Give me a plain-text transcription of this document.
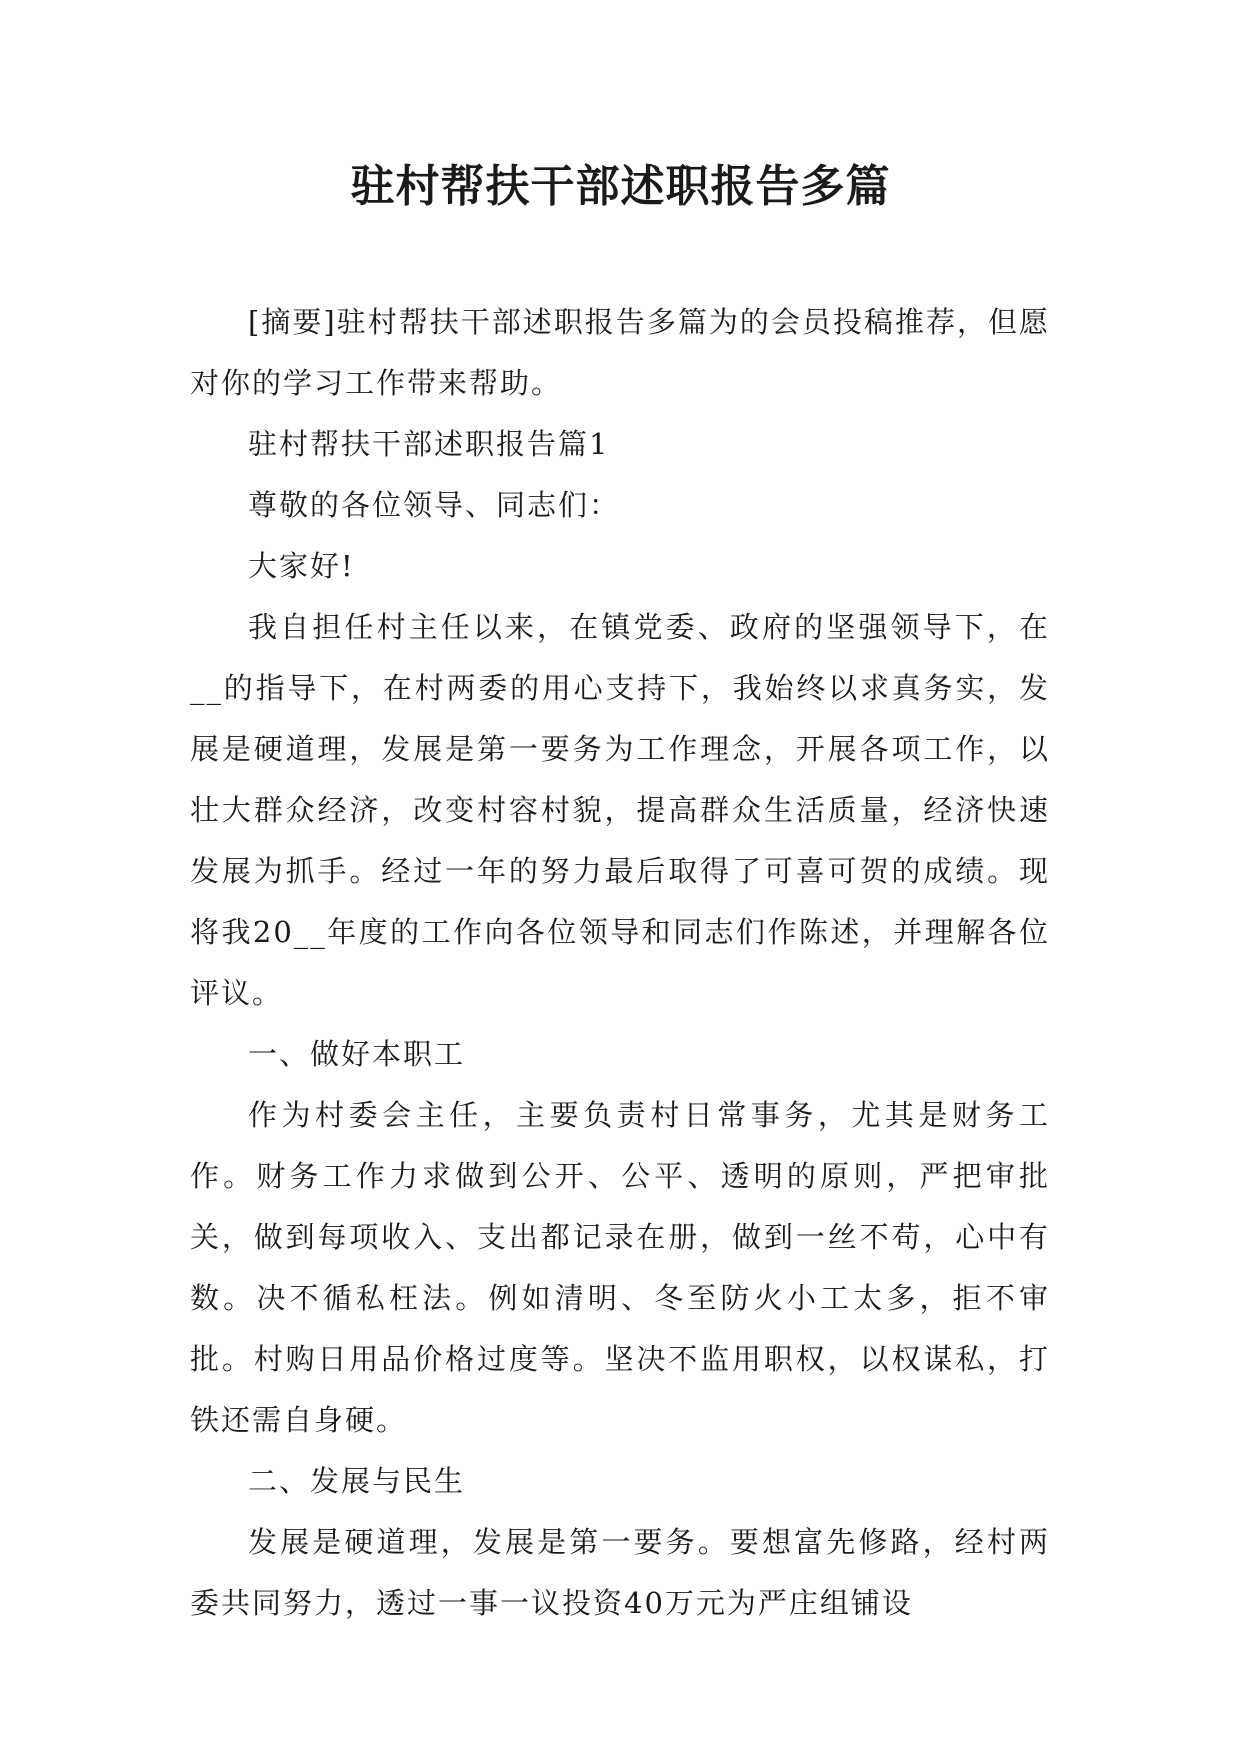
驻村帮扶干部述职报告多篇

[摘要]驻村帮扶干部述职报告多篇为的会员投稿推荐，但愿对你的学习工作带来帮助。

驻村帮扶干部述职报告篇1

尊敬的各位领导、同志们：

大家好!

我自担任村主任以来，在镇党委、政府的坚强领导下，在__的指导下，在村两委的用心支持下，我始终以求真务实，发展是硬道理，发展是第一要务为工作理念，开展各项工作，以壮大群众经济，改变村容村貌，提高群众生活质量，经济快速发展为抓手。经过一年的努力最后取得了可喜可贺的成绩。现将我20__年度的工作向各位领导和同志们作陈述，并理解各位评议。

一、做好本职工

作为村委会主任，主要负责村日常事务，尤其是财务工作。财务工作力求做到公开、公平、透明的原则，严把审批关，做到每项收入、支出都记录在册，做到一丝不苟，心中有数。决不循私枉法。例如清明、冬至防火小工太多，拒不审批。村购日用品价格过度等。坚决不监用职权，以权谋私，打铁还需自身硬。

二、发展与民生

发展是硬道理，发展是第一要务。要想富先修路，经村两委共同努力，透过一事一议投资40万元为严庄组铺设
